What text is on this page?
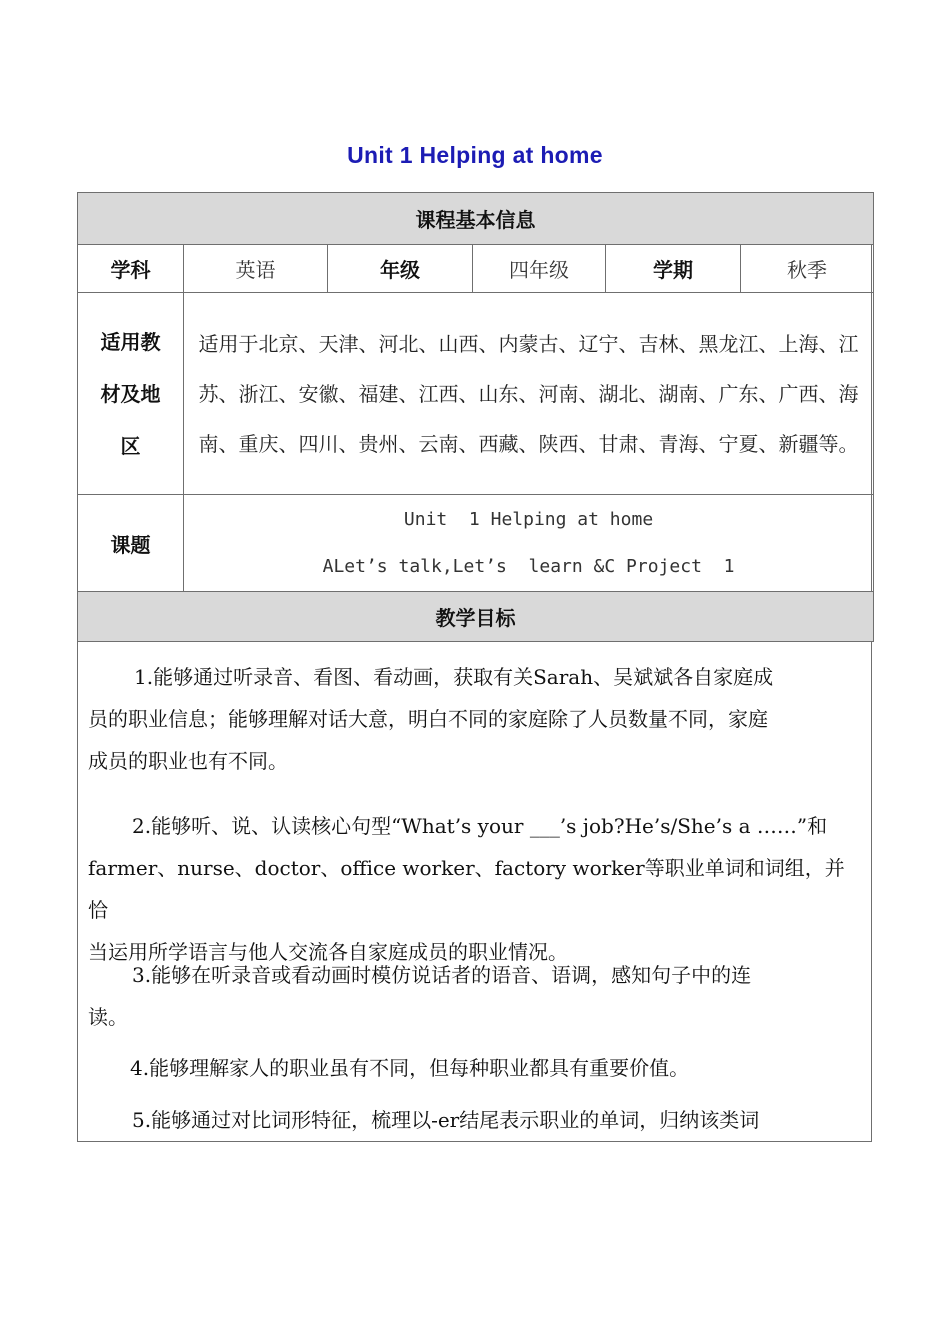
Unit 1 Helping at home
课程基本信息					
学科	英语	年级	四年级	学期	秋季

适用教
材及地
区	适用于北京、天津、河北、山西、内蒙古、辽宁、吉林、黑龙江、上海、江苏、浙江、安徽、福建、江西、山东、河南、湖北、湖南、广东、广西、海南、重庆、四川、贵州、云南、西藏、陕西、甘肃、青海、宁夏、新疆等。				
课题	Unit  1 Helping at home
ALet’s talk,Let’s  learn &C Project  1				

教学目标					
1.能够通过听录音、看图、看动画，获取有关Sarah、吴斌斌各自家庭成
员的职业信息；能够理解对话大意，明白不同的家庭除了人员数量不同，家庭
成员的职业也有不同。
2.能够听、说、认读核心句型“What’s your ___’s job?He’s/She’s a ……”和
farmer、nurse、doctor、office worker、factory worker等职业单词和词组，并恰
当运用所学语言与他人交流各自家庭成员的职业情况。
3.能够在听录音或看动画时模仿说话者的语音、语调，感知句子中的连
读。
4.能够理解家人的职业虽有不同，但每种职业都具有重要价值。
5.能够通过对比词形特征，梳理以-er结尾表示职业的单词，归纳该类词
